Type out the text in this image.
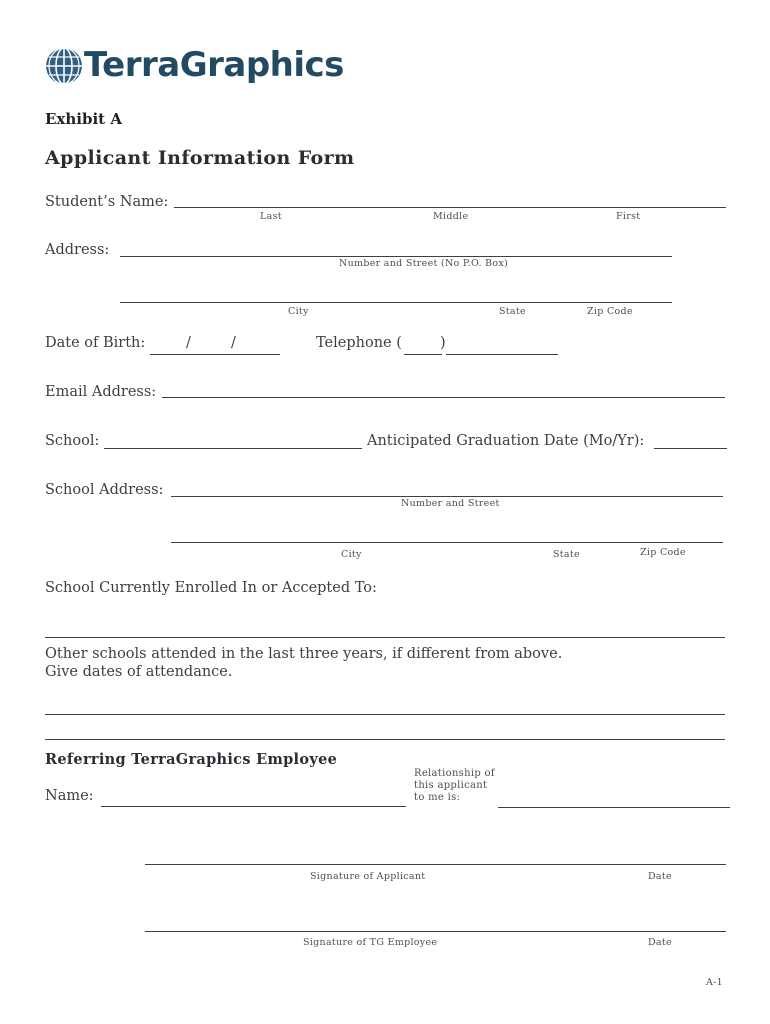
TerraGraphics
Exhibit A
Applicant Information Form
Student’s Name:
Last	Middle	First
Address:
Number and Street (No P.O. Box)
City	State	Zip Code
Date of Birth:	/	/	Telephone (	)
Email Address:
School:	Anticipated Graduation Date (Mo/Yr):
School Address:
Number and Street
City	State	Zip Code
School Currently Enrolled In or Accepted To:
Other schools attended in the last three years, if different from above.
Give dates of attendance.
Referring TerraGraphics Employee
Name:
Relationship of
this applicant
to me is:
Signature of Applicant	Date
Signature of TG Employee	Date
A-1
